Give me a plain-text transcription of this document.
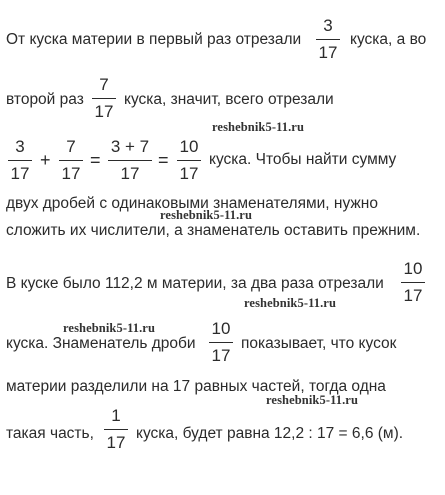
От куска материи в первый раз отрезали
3
17
куска, а во
второй раз
7
17
куска, значит, всего отрезали
3
17
+
7
17
=
3 + 7
17
=
10
17
куска. Чтобы найти сумму
двух дробей с одинаковыми знаменателями, нужно
сложить их числители, а знаменатель оставить прежним.
В куске было 112,2 м материи, за два раза отрезали
10
17
куска. Знаменатель дроби
10
17
показывает, что кусок
материи разделили на 17 равных частей, тогда одна
такая часть,
1
17 куска, будет равна 12,2 : 17 = 6,6 (м).
reshebnik5-11.ru
reshebnik5-11.ru
reshebnik5-11.ru
reshebnik5-11.ru
reshebnik5-11.ru
